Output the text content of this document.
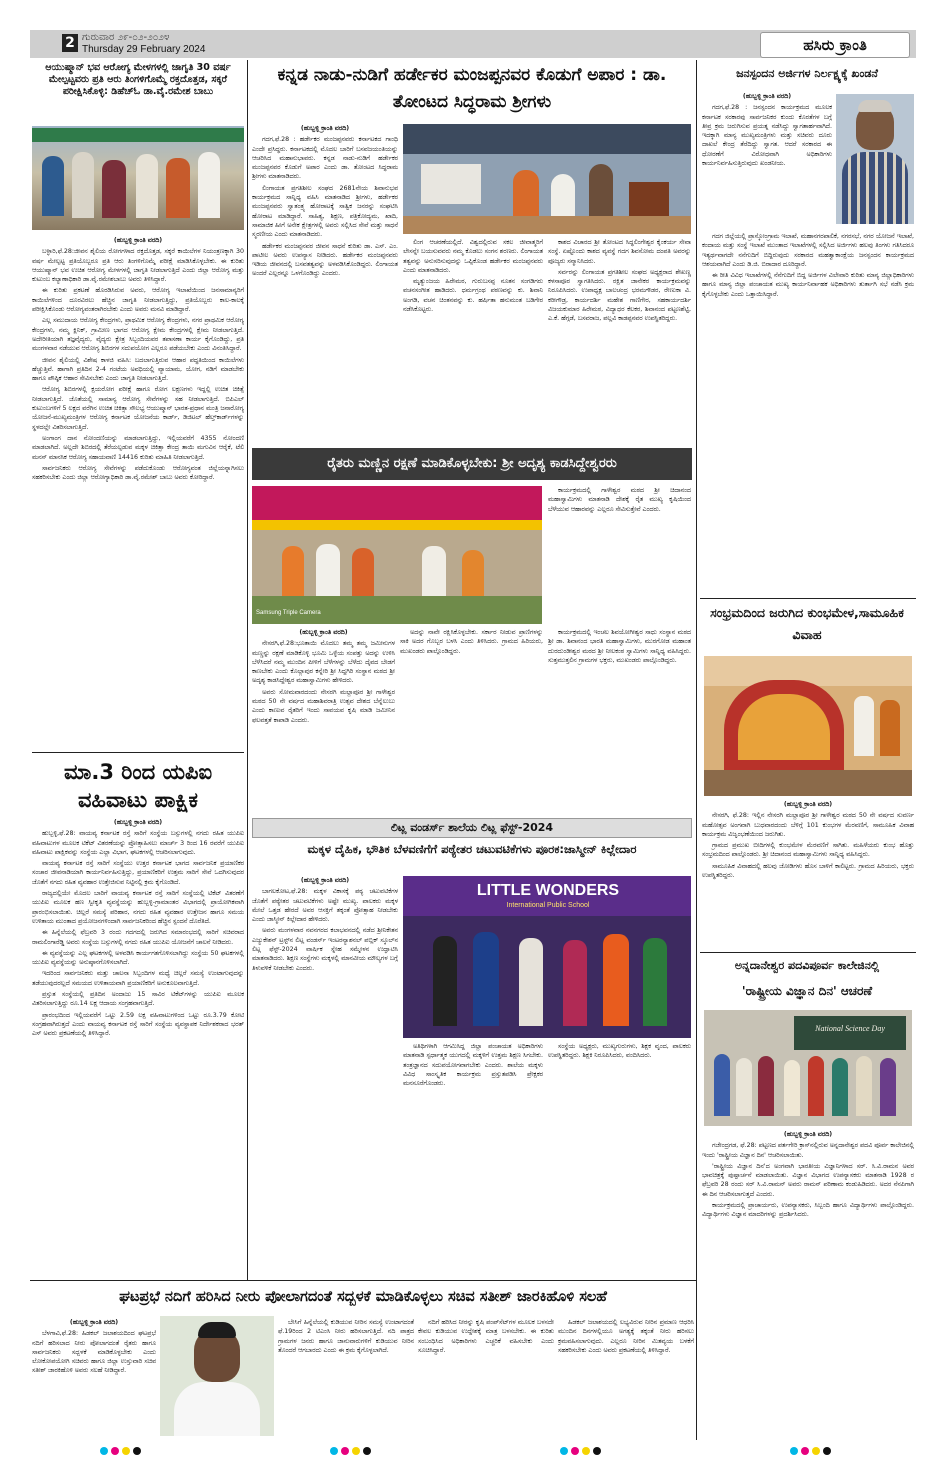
2 ಗುರುವಾರ ೨೯-೦೨-೨೦೨೪
Thursday 29 February 2024	ಹಸಿರು ಕ್ರಾಂತಿ
ಆಯುಷ್ಮಾನ್ ಭವ ಆರೋಗ್ಯ ಮೇಳಗಳಲ್ಲಿ ಜಾಗೃತಿ 30 ವರ್ಷ ಮೇಲ್ಪಟ್ಟವರು ಪ್ರತಿ ಆರು ತಿಂಗಳಿಗೊಮ್ಮೆ ರಕ್ತದೊತ್ತಡ, ಸಕ್ಕರೆ ಪರೀಕ್ಷಿಸಿಕೊಳ್ಳಿ: ಡಿಹೆಚ್‌ಓ ಡಾ.ವೈ.ರಮೇಶ ಬಾಬು
(ಹುಬ್ಬಳ್ಳಿ ಕ್ರಾಂತಿ ವರದಿ)

ಬಳ್ಳಾರಿ,ಫೆ.28:ಜೀವನ ಶೈಲಿಯ ರೋಗಗಳಾದ ರಕ್ತದೊತ್ತಡ, ಸಕ್ಕರೆ ಕಾಯಿಲೆಗಳ ನಿಯಂತ್ರಣಕ್ಕಾಗಿ 30 ವರ್ಷ ಮೇಲ್ಪಟ್ಟ ಪ್ರತಿಯೊಬ್ಬರೂ ಪ್ರತಿ ಆರು ತಿಂಗಳಿಗೊಮ್ಮೆ ಪರೀಕ್ಷೆ ಮಾಡಿಸಿಕೊಳ್ಳಬೇಕು. ಈ ಕುರಿತು ಆಯುಷ್ಮಾನ್ ಭವ ಉಚಿತ ಆರೋಗ್ಯ ಮೇಳಗಳಲ್ಲಿ ಜಾಗೃತಿ ನೀಡಲಾಗುತ್ತಿದೆ ಎಂದು ಜಿಲ್ಲಾ ಆರೋಗ್ಯ ಮತ್ತು ಕುಟುಂಬ ಕಲ್ಯಾಣಾಧಿಕಾರಿ ಡಾ.ವೈ.ರಮೇಶಬಾಬು ಅವರು ತಿಳಿಸಿದ್ದಾರೆ.

ಈ ಕುರಿತು ಪ್ರಕಟಣೆ ಹೊರಡಿಸಿರುವ ಅವರು, ಆರೋಗ್ಯ ಇಲಾಖೆಯಿಂದ ಜನಸಾಮಾನ್ಯರಿಗೆ ಕಾಯಿಲೆಗಳಿಂದ ದೂರವಿರಲು ಹೆಚ್ಚಿನ ಜಾಗೃತಿ ನೀಡಲಾಗುತ್ತಿದ್ದು, ಪ್ರತಿಯೊಬ್ಬರು ಕಾಲ-ಕಾಲಕ್ಕೆ ಪರೀಕ್ಷಿಸಿಕೊಂಡು ಆರೋಗ್ಯವಂತರಾಗಿರಬೇಕು ಎಂದು ಅವರು ಮನವಿ ಮಾಡಿದ್ದಾರೆ.

ಎಲ್ಲ ಸಮುದಾಯ ಆರೋಗ್ಯ ಕೇಂದ್ರಗಳು, ಪ್ರಾಥಮಿಕ ಆರೋಗ್ಯ ಕೇಂದ್ರಗಳು, ನಗರ ಪ್ರಾಥಮಿಕ ಆರೋಗ್ಯ ಕೇಂದ್ರಗಳು, ನಮ್ಮ ಕ್ಲಿನಿಕ್, ಗ್ರಾಮೀಣ ಭಾಗದ ಆರೋಗ್ಯ ಕ್ಷೇಮ ಕೇಂದ್ರಗಳಲ್ಲಿ ಕ್ಷೇಮ ನೀಡಲಾಗುತ್ತಿದೆ. ಅದೇರೀತಿಯಾಗಿ ತಜ್ಞವೈದ್ಯರು, ವೈದ್ಯರು ಕ್ಷೇತ್ರ ಸಿಬ್ಬಂದಿಯವರ ತಪಾಸಣಾ ಕಾರ್ಯ ಕೈಗೊಂಡಿದ್ದು, ಪ್ರತಿ ಮಂಗಳವಾರ ನಡೆಯುವ ಆರೋಗ್ಯ ಶಿಬಿರಗಳ ಸದುಪಯೋಗ ಎಲ್ಲರೂ ಪಡೆಯಬೇಕು ಎಂದು ವಿನಂತಿಸಿದ್ದಾರೆ.

ಜೀವನ ಶೈಲಿಯಲ್ಲಿ ವಿಶೇಷ ಕಾಳಜಿ ವಹಿಸಿ: ಬದಲಾಗುತ್ತಿರುವ ಆಹಾರ ಪದ್ಧತಿಯಿಂದ ಕಾಯಿಲೆಗಳು ಹೆಚ್ಚುತ್ತಿವೆ. ಹಾಗಾಗಿ ಪ್ರತಿದಿನ 2-4 ಗಂಟೆಯ ಅವಧಿಯಲ್ಲಿ ವ್ಯಾಯಾಮ, ಯೋಗ, ನಡಿಗೆ ಮಾಡಬೇಕು ಹಾಗೂ ಪೌಷ್ಠಿಕ ಆಹಾರ ಸೇವಿಸಬೇಕು ಎಂದು ಜಾಗೃತಿ ನೀಡಲಾಗುತ್ತಿದೆ.

ಆರೋಗ್ಯ ಶಿಬಿರಗಳಲ್ಲಿ ಕ್ಷಯರೋಗ ಪರೀಕ್ಷೆ ಹಾಗೂ ರೋಗ ಲಕ್ಷಣಗಳು ಇದ್ದಲ್ಲಿ ಉಚಿತ ಚಿಕಿತ್ಸೆ ನೀಡಲಾಗುತ್ತಿದೆ. ಜೊತೆಯಲ್ಲಿ ಸಾಮಾನ್ಯ ಆರೋಗ್ಯ ಸೇವೆಗಳನ್ನು ಸಹ ನೀಡಲಾಗುತ್ತಿದೆ. ಬಿಪಿಎಲ್ ಕುಟುಂಬಗಳಿಗೆ 5 ಲಕ್ಷದ ವರೆಗಿನ ಉಚಿತ ಚಿಕಿತ್ಸಾ ಸೌಲಭ್ಯ ಆಯುಷ್ಮಾನ್ ಭಾರತ-ಪ್ರಧಾನ ಮಂತ್ರಿ ಜನಾರೋಗ್ಯ ಯೋಜನೆ-ಮುಖ್ಯಮಂತ್ರಿಗಳ ಆರೋಗ್ಯ ಕರ್ನಾಟಕ ಯೋಜನೆಯ ಕಾರ್ಡ್, ಡಿಜಿಟಲ್ ಹೆಲ್ತ್‌ಕಾರ್ಡ್‌ಗಳನ್ನು ಸ್ಥಳದಲ್ಲೇ ವಿತರಿಸಲಾಗುತ್ತಿದೆ.

ಅಂಗಾಂಗ ದಾನ ನೋಂದಣಿಯನ್ನು ಮಾಡಲಾಗುತ್ತಿದ್ದು, ಇಲ್ಲಿಯವರೆಗೆ 4355 ನೋಂದಣಿ ಮಾಡಲಾಗಿದೆ. ಅಲ್ಲದೇ ಶಿಬಿರದಲ್ಲಿ ತೆರೆಯಲ್ಪಡುವ ಮಕ್ಕಳ ಚಿಕಿತ್ಸಾ ಕೇಂದ್ರ ತಾಯಿ ಮಗುವಿನ ಆರೈಕೆ, ಟೆಲಿ ಮನಸ್ ಮಾನಸಿಕ ಆರೋಗ್ಯ ಸಹಾಯವಾಣಿ 14416 ಕುರಿತು ಮಾಹಿತಿ ನೀಡಲಾಗುತ್ತಿದೆ.

ಸಾರ್ವಜನಿಕರು ಆರೋಗ್ಯ ಸೇವೆಗಳನ್ನು ಪಡೆದುಕೊಂಡು ಆರೋಗ್ಯವಂತ ಜಿಲ್ಲೆಯನ್ನಾಗಿಸಲು ಸಹಕರಿಸಬೇಕು ಎಂದು ಜಿಲ್ಲಾ ಆರೋಗ್ಯಾಧಿಕಾರಿ ಡಾ.ವೈ.ರಮೇಶ್ ಬಾಬು ಅವರು ಕೋರಿದ್ದಾರೆ.

ಮಾ.3 ರಿಂದ ಯಪಿಐ ವಹಿವಾಟು ಪಾಕ್ಷಿಕ
(ಹುಬ್ಬಳ್ಳಿ ಕ್ರಾಂತಿ ವರದಿ)

ಹುಬ್ಬಳ್ಳಿ,ಫೆ.28: ವಾಯವ್ಯ ಕರ್ನಾಟಕ ರಸ್ತೆ ಸಾರಿಗೆ ಸಂಸ್ಥೆಯ ಬಸ್ಸುಗಳಲ್ಲಿ ನಗದು ರಹಿತ ಯುಪಿಐ ವಹಿವಾಟುಗಳ ಮೂಲಕ ಟಿಕೆಟ್ ವಿತರಣೆಯನ್ನು ಪ್ರೋತ್ಸಾಹಿಸಲು ಮಾರ್ಚ್ 3 ರಿಂದ 16 ರವರೆಗೆ ಯುಪಿಐ ವಹಿವಾಟು ಪಾಕ್ಷಿಕವನ್ನು ಸಂಸ್ಥೆಯ ಎಲ್ಲಾ ವಿಭಾಗ, ಘಟಕಗಳಲ್ಲಿ ಆಚರಿಸಲಾಗುವುದು.

ವಾಯವ್ಯ ಕರ್ನಾಟಕ ರಸ್ತೆ ಸಾರಿಗೆ ಸಂಸ್ಥೆಯು ಉತ್ತರ ಕರ್ನಾಟಕ ಭಾಗದ ಸಾರ್ವಜನಿಕ ಪ್ರಯಾಣಿಕರ ಸಂಚಾರ ಜೀವನಾಡಿಯಾಗಿ ಕಾರ್ಯನಿರ್ವಹಿಸುತ್ತಿದ್ದು, ಪ್ರಯಾಣಿಕರಿಗೆ ಉತ್ತಮ ಸಾರಿಗೆ ಸೇವೆ ಒದಗಿಸುವುದರ ಜೊತೆಗೆ ನಗದು ರಹಿತ ವ್ಯವಹಾರ ಉತ್ತೇಜಿಸುವ ನಿಟ್ಟಿನಲ್ಲಿ ಕ್ರಮ ಕೈಗೊಂಡಿದೆ.

ರಾಜ್ಯದಲ್ಲಿಯೇ ಮೊದಲ ಬಾರಿಗೆ ವಾಯವ್ಯ ಕರ್ನಾಟಕ ರಸ್ತೆ ಸಾರಿಗೆ ಸಂಸ್ಥೆಯಲ್ಲಿ ಟಿಕೆಟ್ ವಿತರಣೆಗೆ ಯುಪಿಐ ಮೂಲಕ ಹಣ ಸ್ವೀಕೃತಿ ವ್ಯವಸ್ಥೆಯನ್ನು ಹುಬ್ಬಳ್ಳಿ-ಗ್ರಾಮಾಂತರ ವಿಭಾಗದಲ್ಲಿ ಪ್ರಾಯೋಗಿಕವಾಗಿ ಪ್ರಾರಂಭಿಸಲಾಯಿತು. ಚಿಲ್ಲರೆ ಸಮಸ್ಯೆ ಪರಿಹಾರ, ನಗದು ರಹಿತ ವ್ಯವಹಾರ ಉತ್ತೇಜನ ಹಾಗೂ ಸಮಯ ಉಳಿತಾಯ ಮುಂತಾದ ಪ್ರಯೋಜನಗಳಿಂದಾಗಿ ಸಾರ್ವಜನಿಕರಿಂದ ಹೆಚ್ಚಿನ ಸ್ಪಂದನೆ ದೊರೆತಿದೆ.

ಈ ಹಿನ್ನೆಲೆಯಲ್ಲಿ ಫೆಬ್ರವರಿ 3 ರಂದು ಗದಗದಲ್ಲಿ ಜರುಗಿದ ಸಮಾರಂಭದಲ್ಲಿ ಸಾರಿಗೆ ಸಚಿವರಾದ ರಾಮಲಿಂಗಾರೆಡ್ಡಿ ಅವರು ಸಂಸ್ಥೆಯ ಬಸ್ಸುಗಳಲ್ಲಿ ನಗದು ರಹಿತ ಯುಪಿಐ ಯೋಜನೆಗೆ ಚಾಲನೆ ನೀಡಿದರು.

ಈ ವ್ಯವಸ್ಥೆಯನ್ನು ಎಲ್ಲ ಘಟಕಗಳಲ್ಲಿ ಅಳವಡಿಸಿ ಕಾರ್ಯಗತಗೊಳಿಸಲಾಗಿದ್ದು ಸಂಸ್ಥೆಯ 50 ಘಟಕಗಳಲ್ಲಿ ಯುಪಿಐ ವ್ಯವಸ್ಥೆಯನ್ನು ಅನುಷ್ಠಾನಗೊಳಿಸಲಾಗಿದೆ.

ಇದರಿಂದ ಸಾರ್ವಜನಿಕರು ಮತ್ತು ಚಾಲನಾ ಸಿಬ್ಬಂದಿಗಳ ಮಧ್ಯೆ ಚಿಲ್ಲರೆ ಸಮಸ್ಯೆ ಉಂಟಾಗುವುದನ್ನು ತಡೆಯುವುದರಲ್ಲದೆ ಸಮಯದ ಉಳಿತಾಯವಾಗಿ ಪ್ರಯಾಣಿಕರಿಗೆ ಅನುಕೂಲವಾಗುತ್ತಿದೆ.

ಪ್ರಸ್ತುತ ಸಂಸ್ಥೆಯಲ್ಲಿ ಪ್ರತಿದಿನ ಅಂದಾಜು 15 ಸಾವಿರ ಟಿಕೆಟ್‌ಗಳನ್ನು ಯುಪಿಐ ಮೂಲಕ ವಿತರಿಸಲಾಗುತ್ತಿದ್ದು ರೂ.14 ಲಕ್ಷ ಆದಾಯ ಸಂಗ್ರಹವಾಗುತ್ತಿದೆ.

ಪ್ರಾರಂಭದಿಂದ ಇಲ್ಲಿಯವರೆಗೆ ಒಟ್ಟು 2.59 ಲಕ್ಷ ವಹಿವಾಟುಗಳಿಂದ ಒಟ್ಟು ರೂ.3.79 ಕೋಟಿ ಸಂಗ್ರಹವಾಗಿರುತ್ತದೆ ಎಂದು ವಾಯವ್ಯ ಕರ್ನಾಟಕ ರಸ್ತೆ ಸಾರಿಗೆ ಸಂಸ್ಥೆಯ ವ್ಯವಸ್ಥಾಪಕ ನಿರ್ದೇಶಕರಾದ ಭರತ್ ಎಸ್ ಅವರು ಪ್ರಕಟಣೆಯಲ್ಲಿ ತಿಳಿಸಿದ್ದಾರೆ.

ಕನ್ನಡ ನಾಡು-ನುಡಿಗೆ ಹರ್ಡೇಕರ ಮಂಜಪ್ಪನವರ ಕೊಡುಗೆ ಅಪಾರ : ಡಾ. ತೋಂಟದ ಸಿದ್ಧರಾಮ ಶ್ರೀಗಳು
(ಹುಬ್ಬಳ್ಳಿ ಕ್ರಾಂತಿ ವರದಿ)

ಗದಗ,ಫೆ.28 : ಹರ್ಡೇಕರ ಮಂಜಪ್ಪನವರು ಕರ್ನಾಟಕದ ಗಾಂಧಿ ಎಂದೇ ಪ್ರಸಿದ್ಧರು. ಕರ್ನಾಟಕದಲ್ಲಿ ಮೊದಲ ಬಾರಿಗೆ ಬಸವಜಯಂತಿಯನ್ನು ಆಚರಿಸಿದ ಮಹಾನುಭಾವರು. ಕನ್ನಡ ನಾಡು-ನುಡಿಗೆ ಹರ್ಡೇಕರ ಮಂಜಪ್ಪನವರ ಕೊಡುಗೆ ಅಪಾರ ಎಂದು ಡಾ. ತೋಂಟದ ಸಿದ್ಧರಾಮ ಶ್ರೀಗಳು ಮಾತನಾಡಿದರು.

ಲಿಂಗಾಯತ ಪ್ರಗತಿಶೀಲ ಸಂಘದ 2681ನೇಯ ಶಿವಾನುಭವ ಕಾರ್ಯಕ್ರಮದ ಸಾನ್ನಿಧ್ಯ ವಹಿಸಿ ಮಾತನಾಡಿದ ಶ್ರೀಗಳು, ಹರ್ಡೇಕರ ಮಂಜಪ್ಪನವರು ಸ್ವಾತಂತ್ರ್ಯ ಹೋರಾಟಕ್ಕೆ ಸಾತ್ವಿಕ ಜನರನ್ನು ಸಂಘಟಿಸಿ ಹೋರಾಟ ಮಾಡಿದ್ದಾರೆ. ಸಾಹಿತ್ಯ, ಶಿಕ್ಷಣ, ಪತ್ರಿಕೋದ್ಯಮ, ಖಾದಿ, ಸಾಮಾಜಿಕ ಹೀಗೆ ಅನೇಕ ಕ್ಷೇತ್ರಗಳಲ್ಲಿ ಅವರು ಸಲ್ಲಿಸಿದ ಸೇವೆ ಮತ್ತು ಸಾಧನೆ ಸ್ಮರಣೀಯ ಎಂದು ಮಾತನಾಡಿದರು.

ಹರ್ಡೇಕರ ಮಂಜಪ್ಪನವರ ಜೀವನ ಸಾಧನೆ ಕುರಿತು ಡಾ. ಎಸ್. ಎಂ. ಪಾಟೀಲ ಅವರು ಉಪನ್ಯಾಸ ನೀಡಿದರು. ಹರ್ಡೇಕರ ಮಂಜಪ್ಪನವರು ಇಡಿಯ ಜೀವನದಲ್ಲಿ ಬಸವತತ್ವವನ್ನು ಅಳವಡಿಸಿಕೊಂಡಿದ್ದರು. ಲಿಂಗಾಯತ ಅಂದರೆ ಎಲ್ಲರನ್ನೂ ಒಳಗೊಂಡಿದ್ದು ಎಂದರು.

ಲಿಂಗ ಆಚರಣೆಯಲ್ಲಿದೆ. ವಿಶ್ವದಲ್ಲಿರುವ ಸಕಲ ಜೀವಾತ್ಮರಿಗೆ ಲೇಸನ್ನೇ ಬಯಸುವವರು ನಮ್ಮ ಕೊಡಲು ಸಂಗನ ಶರಣರು. ಲಿಂಗಾಯತ ತತ್ವವನ್ನು ಅನುಸರಿಸುವುದನ್ನು ಒಪ್ಪಿಕೊಂಡ ಹರ್ಡೇಕರ ಮಂಜಪ್ಪನವರು ಎಂದು ಮಾತನಾಡಿದರು.

ಮೃತ್ಯುಂಜಯ ಹಿರೇಮಠ, ಗುರುಬಸಪ್ಪ ನೂತನ ಸಂಗಡಿಗರು ವಚನಸಂಗೀತ ಹಾಡಿದರು. ಧರ್ಮಗ್ರಂಥ ಪಠಣವನ್ನು ಕು. ಶಿವಾನಿ ಅಂಗಡಿ, ವಚನ ಚಿಂತನವನ್ನು ಕು. ಹರ್ಷಿತಾ ಹನುಮಂತ ಬಡಿಗೇರ ನಡೆಸಿಕೊಟ್ಟರು.

ಕಾಶದ ವಿಚಾರದ ಶ್ರೀ ತೋಂಟದ ಸಿದ್ಧಲಿಂಗೇಶ್ವರ ಕೈಂಕರ್ಯ ಸೇವಾ ಸಂಸ್ಥೆ. ಏಷ್ಟೊಂದು ಕಾಶದ ವ್ಯವಸ್ಥೆ ಗದಗ ಶಿವಸೋಮ ದಂಪತಿ ಅವರನ್ನು ಪೂಜ್ಯರು ಸನ್ಮಾನಿಸಿದರು.

ಸರ್ವರನ್ನು ಲಿಂಗಾಯತ ಪ್ರಗತಿಶೀಲ ಸಂಘದ ಅಧ್ಯಕ್ಷರಾದ ಶೇಖಣ್ಣ ಕಳಸಾಪೂರ ಸ್ವಾಗತಿಸಿದರು. ರಕ್ಷಿತ ಜಾನೇಕರ ಕಾರ್ಯಕ್ರಮವನ್ನು ನಿರೂಪಿಸಿದರು. ಉಪಾಧ್ಯಕ್ಷ ಬಾಲಚಂದ್ರ ಭರಮಗೌಡರ, ರೇಣುಕಾ ವಿ. ಕರೀಗೌಡ್ರ, ಕಾರ್ಯದರ್ಶಿ ಮಹೇಶ ಗಾಣಿಗೇರ, ಸಹಕಾರ್ಯದರ್ಶಿ ವಿಜಯಕುಮಾರ ಹಿರೇಮಠ, ವಿದ್ಯಾಧರ ಕೆಲಕರ, ಶಿವಾನಂದ ಪಟ್ಟಣಶೆಟ್ಟಿ, ಎ.ಕೆ. ಹೆಗ್ಗಡೆ, ಬಸವರಾಜ, ಪಲ್ಲವಿ ಕಾಡಪ್ಪನವರ ಉಪಸ್ಥಿತರಿದ್ದರು.

ರೈತರು ಮಣ್ಣಿನ ರಕ್ಷಣೆ ಮಾಡಿಕೊಳ್ಳಬೇಕು: ಶ್ರೀ ಅದೃಶ್ಯ ಕಾಡಸಿದ್ದೇಶ್ವರರು
Samsung Triple Camera

ಕಾರ್ಯಕ್ರಮದಲ್ಲಿ ಗಾಳೇಶ್ವರ ಮಠದ ಶ್ರೀ ಚಿದಾನಂದ ಮಹಾಸ್ವಾಮಿಗಳು ಮಾತನಾಡಿ ದೇಶಕ್ಕೆ ರೈತ ಮುಖ್ಯ ಕೃಷಿಯಿಂದ ಬೆಳೆಯುವ ಆಹಾರವನ್ನು ಎಲ್ಲರೂ ಸೇವಿಸುತ್ತೇವೆ ಎಂದರು.

(ಹುಬ್ಬಳ್ಳಿ ಕ್ರಾಂತಿ ವರದಿ)

ನೇಸರಗಿ,ಫೆ.28:ಭೂತಾಯಿ ಮೊದಲು ತಮ್ಮ ತಮ್ಮ ಜಮೀನುಗಳ ಮಣ್ಣನ್ನು ರಕ್ಷಣೆ ಮಾಡಿಕೊಳ್ಳಿ ಭೂಮಿ ಒಳ್ಳೆಯ ಸಂಪತ್ತು ಅದನ್ನು ಉಳಿಸಿ ಬೆಳೆಸಿದರೆ ನಮ್ಮ ಮುಂದಿನ ಪೀಳಿಗೆ ಬೆಳೆಗಳನ್ನು ಬೆಳೆದು ದೈವದ ಬೇಡಗೆ ಕಾಣಬೇಕು ಎಂದು ಕೊಲ್ಲಾಪುರ ಕನ್ನೇರಿ ಶ್ರೀ ಸಿದ್ದಗಿರಿ ಸಂಸ್ಥಾನ ಮಠದ ಶ್ರೀ ಅದೃಶ್ಯ ಕಾಡಸಿದ್ದೇಶ್ವರ ಮಹಾಸ್ವಾಮಿಗಳು ಹೇಳಿದರು.

ಅವರು ಸೋಮವಾರದಂದು ನೇಸರಗಿ ಮಲ್ಲಾಪೂರ ಶ್ರೀ ಗಾಳೇಶ್ವರ ಮಠದ 50 ನೇ ವರ್ಷದ ಮಹಾಶಿವರಾತ್ರಿ ಉತ್ಸವ ದೇಶದ ಬೆನ್ನೆಲುಬು ಎಂದು ಕಾಣುವ ರೈತರಿಗೆ ಇಂದು ಸಾವಯವ ಕೃಷಿ ಮಾಡಿ ಜಮೀನಿನ ಫಲವತ್ತತೆ ಕಾಪಾಡಿ ಎಂದರು.

ಅದನ್ನು ನಾವೇ ರಕ್ಷಿಸಿಕೊಳ್ಳಬೇಕು. ಸರ್ಕಾರ ನೀಡುವ ಪ್ರಾಣಿಗಳನ್ನು ಸಾಕಿ ಅದರ ಗೊಬ್ಬರ ಬಳಸಿ ಎಂದು ತಿಳಿಸಿದರು. ಗ್ರಾಮದ ಹಿರಿಯರು, ಮುಖಂಡರು ಪಾಲ್ಗೊಂಡಿದ್ದರು.

ಕಾರ್ಯಕ್ರಮದಲ್ಲಿ ಇಂಚಲ ಶಿವಯೋಗೀಶ್ವರ ಸಾಧು ಸಂಸ್ಥಾನ ಮಠದ ಶ್ರೀ ಡಾ. ಶಿವಾನಂದ ಭಾರತಿ ಮಹಾಸ್ವಾಮಿಗಳು, ಮುರಗೋಡ ಮಹಾಂತ ದುರದುಂಡೀಶ್ವರ ಮಠದ ಶ್ರೀ ನೀಲಕಂಠ ಸ್ವಾಮಿಗಳು ಸಾನ್ನಿಧ್ಯ ವಹಿಸಿದ್ದರು. ಸುತ್ತಮುತ್ತಲಿನ ಗ್ರಾಮಗಳ ಭಕ್ತರು, ಮುಖಂಡರು ಪಾಲ್ಗೊಂಡಿದ್ದರು.

ಲಿಟ್ಲ ವಂಡರ್ಸ್ ಶಾಲೆಯ ಲಿಟ್ಲ ಫೆಸ್ಟ್-2024
ಮಕ್ಕಳ ದೈಹಿಕ, ಭೌತಿಕ ಬೆಳವಣಿಗೆಗೆ ಪಠ್ಯೇತರ ಚಟುವಟಿಕೆಗಳು ಪೂರಕ:ಜಾಸ್ಮೀನ್ ಕಿಲ್ಲೇದಾರ
(ಹುಬ್ಬಳ್ಳಿ ಕ್ರಾಂತಿ ವರದಿ)

ಬಾಗಲಕೋಟ,ಫೆ.28: ಮಕ್ಕಳ ವಿಕಾಸಕ್ಕೆ ಪಠ್ಯ ಚಟುವಟಿಕೆಗಳ ಜೊತೆಗೆ ಪಠ್ಯೇತರ ಚಟುವಟಿಕೆಗಳು ಅಷ್ಟೇ ಮುಖ್ಯ. ಪಾಲಕರು ಮಕ್ಕಳ ಮೇಲೆ ಒತ್ತಡ ಹೇರದೆ ಅವರ ಆಸಕ್ತಿಗೆ ತಕ್ಕಂತೆ ಪ್ರೋತ್ಸಾಹ ನೀಡಬೇಕು ಎಂದು ಜಾಸ್ಮೀನ್ ಕಿಲ್ಲೇದಾರ ಹೇಳಿದರು.

ಅವರು ಮಂಗಳವಾರ ನವನಗರದ ಕಲಾಭವನದಲ್ಲಿ ನಡೆದ ಶ್ರೀನಿಕೇತನ ಎಜ್ಯುಕೇಶನ್ ಟ್ರಸ್ಟ್‌ನ ಲಿಟ್ಲ ವಂಡರ್ಸ್ ಇಂಟರನ್ಯಾಶನಲ್ ಪಬ್ಲಿಕ್ ಸ್ಕೂಲ್‌ನ ಲಿಟ್ಲ ಫೆಸ್ಟ್-2024 ವಾರ್ಷಿಕ ಸ್ನೇಹ ಸಮ್ಮೇಳನ ಉದ್ಘಾಟಿಸಿ ಮಾತನಾಡಿದರು. ಶಿಕ್ಷಣ ಸಂಸ್ಥೆಗಳು ಮಕ್ಕಳಲ್ಲಿ ಮಾನವೀಯ ಮೌಲ್ಯಗಳ ಬಗ್ಗೆ ತಿಳುವಳಿಕೆ ನೀಡಬೇಕು ಎಂದರು.

LITTLE WONDERS
International Public School

ಅತಿಥಿಗಳಾಗಿ ಆಗಮಿಸಿದ್ದ ಜಿಲ್ಲಾ ಪಂಚಾಯತ ಅಧಿಕಾರಿಗಳು ಮಾತನಾಡಿ ಸ್ಪರ್ಧಾತ್ಮಕ ಯುಗದಲ್ಲಿ ಮಕ್ಕಳಿಗೆ ಉತ್ತಮ ಶಿಕ್ಷಣ ಸಿಗಬೇಕು. ತಂತ್ರಜ್ಞಾನದ ಸದುಪಯೋಗವಾಗಬೇಕು ಎಂದರು. ಶಾಲೆಯ ಮಕ್ಕಳು ವಿವಿಧ ಸಾಂಸ್ಕೃತಿಕ ಕಾರ್ಯಕ್ರಮ ಪ್ರಸ್ತುತಪಡಿಸಿ ಪ್ರೇಕ್ಷಕರ ಮನಸೂರೆಗೊಂಡರು.

ಸಂಸ್ಥೆಯ ಅಧ್ಯಕ್ಷರು, ಮುಖ್ಯಗುರುಗಳು, ಶಿಕ್ಷಕ ವೃಂದ, ಪಾಲಕರು ಉಪಸ್ಥಿತರಿದ್ದರು. ಶಿಕ್ಷಕಿ ನಿರೂಪಿಸಿದರು, ವಂದಿಸಿದರು.

ಘಟಪ್ರಭೆ ನದಿಗೆ ಹರಿಸಿದ ನೀರು ಪೋಲಾಗದಂತೆ ಸದ್ಬಳಕೆ ಮಾಡಿಕೊಳ್ಳಲು ಸಚಿವ ಸತೀಶ್ ಜಾರಕಿಹೊಳಿ ಸಲಹೆ
(ಹುಬ್ಬಳ್ಳಿ ಕ್ರಾಂತಿ ವರದಿ)

ಬೆಳಗಾವಿ,ಫೆ.28: ಹಿಡಕಲ್ ಜಲಾಶಯದಿಂದ ಘಟಪ್ರಭೆ ನದಿಗೆ ಹರಿಸಲಾದ ನೀರು ಪೋಲಾಗದಂತೆ ರೈತರು ಹಾಗೂ ಸಾರ್ವಜನಿಕರು ಸದ್ಬಳಕೆ ಮಾಡಿಕೊಳ್ಳಬೇಕು ಎಂದು ಲೋಕೋಪಯೋಗಿ ಸಚಿವರು ಹಾಗೂ ಜಿಲ್ಲಾ ಉಸ್ತುವಾರಿ ಸಚಿವ ಸತೀಶ್ ಜಾರಕಿಹೊಳಿ ಅವರು ಸಲಹೆ ನೀಡಿದ್ದಾರೆ.

ಬೇಸಿಗೆ ಹಿನ್ನೆಲೆಯಲ್ಲಿ ಕುಡಿಯುವ ನೀರಿನ ಸಮಸ್ಯೆ ಉಂಟಾಗದಂತೆ ಫೆ.19ರಿಂದ 2 ಟಿಎಂಸಿ ನೀರು ಹರಿಸಲಾಗುತ್ತಿದೆ. ನದಿ ಪಾತ್ರದ ಗ್ರಾಮಗಳ ಜನರು ಹಾಗೂ ಜಾನುವಾರುಗಳಿಗೆ ಕುಡಿಯುವ ನೀರಿನ ತೊಂದರೆ ಆಗಬಾರದು ಎಂದು ಈ ಕ್ರಮ ಕೈಗೊಳ್ಳಲಾಗಿದೆ.

ನದಿಗೆ ಹರಿಸಿದ ನೀರನ್ನು ಕೃಷಿ ಪಂಪ್‌ಸೆಟ್‌ಗಳ ಮೂಲಕ ಬಳಸದೇ ಕೇವಲ ಕುಡಿಯುವ ಉದ್ದೇಶಕ್ಕೆ ಮಾತ್ರ ಬಳಸಬೇಕು. ಈ ಕುರಿತು ಸಂಬಂಧಿಸಿದ ಅಧಿಕಾರಿಗಳು ಎಚ್ಚರಿಕೆ ವಹಿಸಬೇಕು ಎಂದು ಸೂಚಿಸಿದ್ದಾರೆ.

ಹಿಡಕಲ್ ಜಲಾಶಯದಲ್ಲಿ ಲಭ್ಯವಿರುವ ನೀರಿನ ಪ್ರಮಾಣ ಆಧರಿಸಿ ಮುಂದಿನ ದಿನಗಳಲ್ಲಿಯೂ ಅಗತ್ಯಕ್ಕೆ ತಕ್ಕಂತೆ ನೀರು ಹರಿಸಲು ಕ್ರಮವಹಿಸಲಾಗುವುದು. ಎಲ್ಲರೂ ನೀರಿನ ಮಿತವ್ಯಯ ಬಳಕೆಗೆ ಸಹಕರಿಸಬೇಕು ಎಂದು ಅವರು ಪ್ರಕಟಣೆಯಲ್ಲಿ ತಿಳಿಸಿದ್ದಾರೆ.

ಜನಸ್ಪಂದನ ಅರ್ಜಿಗಳ ನಿರ್ಲಕ್ಷ್ಯಕ್ಕೆ ಖಂಡನೆ
(ಹುಬ್ಬಳ್ಳಿ ಕ್ರಾಂತಿ ವರದಿ)

ಗದಗ,ಫೆ.28 : ಜನಸ್ಪಂದನ ಕಾರ್ಯಕ್ರಮದ ಮೂಲಕ ಕರ್ನಾಟಕ ಸರಕಾರವು ಸಾರ್ವಜನಿಕರ ಕುಂದು ಕೊರತೆಗಳ ಬಗ್ಗೆ ತೀವ್ರ ಕ್ರಮ ಜರುಗಿಸುವ ಪ್ರಯತ್ನ ನಡೆಸಿದ್ದು ಸ್ವಾಗತಾರ್ಹವಾಗಿದೆ. ಇದಕ್ಕಾಗಿ ಮಾನ್ಯ ಮುಖ್ಯಮಂತ್ರಿಗಳು ಮತ್ತು ಸಚಿವರು ದೂರು ದಾಖಲೆ ಕೇಂದ್ರ ತೆರೆದಿದ್ದು ಸ್ವಾಗತ. ಆದರೆ ಸರಕಾರದ ಈ ಧೋರಣೆಗೆ ವಿರೋಧವಾಗಿ ಅಧಿಕಾರಿಗಳು ಕಾರ್ಯನಿರ್ವಹಿಸುತ್ತಿರುವುದು ಖಂಡನೀಯ.

ಗದಗ ಜಿಲ್ಲೆಯಲ್ಲಿ ಪ್ರಾಸ್ಕೋಂಗ್ರಾಮ ಇಲಾಖೆ, ಮಹಾನಗರಪಾಲಿಕೆ, ನಗರಸಭೆ, ನಗರ ಯೋಜನೆ ಇಲಾಖೆ, ಕಂದಾಯ ಮತ್ತು ಸಂಸ್ಥೆ ಇಲಾಖೆ ಮುಂತಾದ ಇಲಾಖೆಗಳಲ್ಲಿ ಸಲ್ಲಿಸಿದ ಅರ್ಜಿಗಳು ಹಲವು ತಿಂಗಳು ಗತಿಸಿದರೂ ಇತ್ಯರ್ಥವಾಗದೇ ನನೆಗುದಿಗೆ ಬಿದ್ದಿರುವುದು ಸರಕಾರದ ಮಹತ್ವಾಕಾಂಕ್ಷೆಯ ಜನಸ್ಪಂದನ ಕಾರ್ಯಕ್ರಮದ ಆಶಯವಾಗಿದೆ ಎಂದು ಡಿ.ಜಿ. ಬಿರಾದಾರ ದೂರಿದ್ದಾರೆ.

ಈ ರೀತಿ ವಿವಿಧ ಇಲಾಖೆಗಳಲ್ಲಿ ನೆನೆಗುದಿಗೆ ಬಿದ್ದ ಅರ್ಜಿಗಳ ವಿಲೇವಾರಿ ಕುರಿತು ಮಾನ್ಯ ಜಿಲ್ಲಾಧಿಕಾರಿಗಳು ಹಾಗೂ ಮಾನ್ಯ ಜಿಲ್ಲಾ ಪಂಚಾಯತ ಮುಖ್ಯ ಕಾರ್ಯನಿರ್ವಾಹಕ ಅಧಿಕಾರಿಗಳು ತುರ್ತಾಗಿ ಸಭೆ ನಡೆಸಿ ಕ್ರಮ ಕೈಗೊಳ್ಳಬೇಕು ಎಂದು ಒತ್ತಾಯಿಸಿದ್ದಾರೆ.

ಸಂಭ್ರಮದಿಂದ ಜರುಗಿದ ಕುಂಭಮೇಳ,ಸಾಮೂಹಿಕ ವಿವಾಹ
(ಹುಬ್ಬಳ್ಳಿ ಕ್ರಾಂತಿ ವರದಿ)

ನೇಸರಗಿ, ಫೆ.28: ಇಲ್ಲಿನ ನೇಸರಗಿ ಮಲ್ಲಾಪೂರ ಶ್ರೀ ಗಾಳೇಶ್ವರ ಮಠದ 50 ನೇ ವರ್ಷದ ಸುವರ್ಣ ಮಹೋತ್ಸವ ಅಂಗವಾಗಿ ಬುಧವಾರದಂದು ಬೆಳಿಗ್ಗೆ 101 ಕುಂಭಗಳ ಮೆರವಣಿಗೆ, ಸಾಮೂಹಿಕ ವಿವಾಹ ಕಾರ್ಯಕ್ರಮ ವಿಜೃಂಭಣೆಯಿಂದ ಜರುಗಿತು.

ಗ್ರಾಮದ ಪ್ರಮುಖ ಬೀದಿಗಳಲ್ಲಿ ಕುಂಭಮೇಳ ಮೆರವಣಿಗೆ ಸಾಗಿತು. ಮಹಿಳೆಯರು ಕುಂಭ ಹೊತ್ತು ಸಂಭ್ರಮದಿಂದ ಪಾಲ್ಗೊಂಡರು. ಶ್ರೀ ಚಿದಾನಂದ ಮಹಾಸ್ವಾಮಿಗಳು ಸಾನ್ನಿಧ್ಯ ವಹಿಸಿದ್ದರು.

ಸಾಮೂಹಿಕ ವಿವಾಹದಲ್ಲಿ ಹಲವು ಜೋಡಿಗಳು ಹೊಸ ಬಾಳಿಗೆ ಕಾಲಿಟ್ಟರು. ಗ್ರಾಮದ ಹಿರಿಯರು, ಭಕ್ತರು ಉಪಸ್ಥಿತರಿದ್ದರು.

ಅನ್ನದಾನೇಶ್ವರ ಪದವಿಪೂರ್ವ ಕಾಲೇಜಿನಲ್ಲಿ
'ರಾಷ್ಟ್ರೀಯ ವಿಜ್ಞಾನ ದಿನ' ಆಚರಣೆ
National Science Day
(ಹುಬ್ಬಳ್ಳಿ ಕ್ರಾಂತಿ ವರದಿ)

ಗಜೇಂದ್ರಗಡ, ಫೆ.28: ಪಟ್ಟಣದ ಪರ್ತಗೇರಿ ಕ್ರಾಸ್‌ನಲ್ಲಿರುವ ಅನ್ನದಾನೇಶ್ವರ ಪದವಿ ಪೂರ್ವ ಕಾಲೇಜಿನಲ್ಲಿ ಇಂದು 'ರಾಷ್ಟ್ರೀಯ ವಿಜ್ಞಾನ ದಿನ' ಆಚರಿಸಲಾಯಿತು.

'ರಾಷ್ಟ್ರೀಯ ವಿಜ್ಞಾನ ದಿನ'ದ ಅಂಗವಾಗಿ ಭಾರತೀಯ ವಿಜ್ಞಾನಿಗಳಾದ ಸರ್. ಸಿ.ವಿ.ರಾಮನ ಅವರ ಭಾವಚಿತ್ರಕ್ಕೆ ಪುಷ್ಪಾರ್ಚನೆ ಮಾಡಲಾಯಿತು. ವಿಜ್ಞಾನ ವಿಭಾಗದ ಉಪನ್ಯಾಸಕರು ಮಾತನಾಡಿ 1928 ರ ಫೆಬ್ರವರಿ 28 ರಂದು ಸರ್ ಸಿ.ವಿ.ರಾಮನ್ ಅವರು ರಾಮನ್ ಪರಿಣಾಮ ಕಂಡುಹಿಡಿದರು. ಅದರ ನೆನಪಿಗಾಗಿ ಈ ದಿನ ಆಚರಿಸಲಾಗುತ್ತದೆ ಎಂದರು.

ಕಾರ್ಯಕ್ರಮದಲ್ಲಿ ಪ್ರಾಚಾರ್ಯರು, ಉಪನ್ಯಾಸಕರು, ಸಿಬ್ಬಂದಿ ಹಾಗೂ ವಿದ್ಯಾರ್ಥಿಗಳು ಪಾಲ್ಗೊಂಡಿದ್ದರು. ವಿದ್ಯಾರ್ಥಿಗಳು ವಿಜ್ಞಾನ ಮಾದರಿಗಳನ್ನು ಪ್ರದರ್ಶಿಸಿದರು.
